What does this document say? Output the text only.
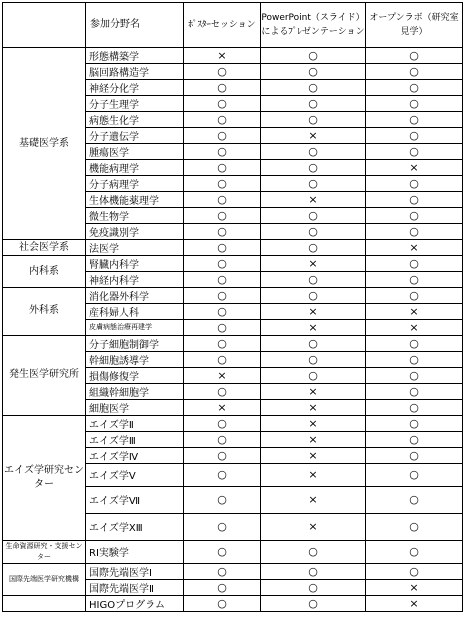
	参加分野名	ﾎﾟｽﾀｰセッション	PowerPoint（スライド）によるﾌﾟﾚゼンテーション	オープンラボ（研究室見学）
基礎医学系	形態構築学	×	○	○
	脳回路構造学	○	○	○
	神経分化学	○	○	○
	分子生理学	○	○	○
	病態生化学	○	○	○
	分子遺伝学	○	×	○
	腫瘍医学	○	○	○
	機能病理学	○	○	×
	分子病理学	○	○	○
	生体機能薬理学	○	×	○
	微生物学	○	○	○
	免疫識別学	○	○	○
社会医学系	法医学	○	○	×
内科系	腎臓内科学	○	×	○
	神経内科学	○	○	○
外科系	消化器外科学	○	○	○
	産科婦人科	○	×	×
	皮膚病態治療再建学	○	×	×
発生医学研究所	分子細胞制御学	○	○	○
	幹細胞誘導学	○	○	○
	損傷修復学	×	○	○
	組織幹細胞学	○	×	○
	細胞医学	×	×	○
エイズ学研究センター	エイズ学Ⅱ	○	×	○
	エイズ学Ⅲ	○	×	○
	エイズ学Ⅳ	○	×	○
	エイズ学Ⅴ	○	×	○
	エイズ学Ⅶ	○	×	○
	エイズ学ⅩⅢ	○	×	○
生命資源研究・支援センター	RI実験学	○	○	○
国際先端医学研究機構	国際先端医学Ⅰ	○	○	○
	国際先端医学Ⅱ	○	○	×
	HIGOプログラム	○	○	×
